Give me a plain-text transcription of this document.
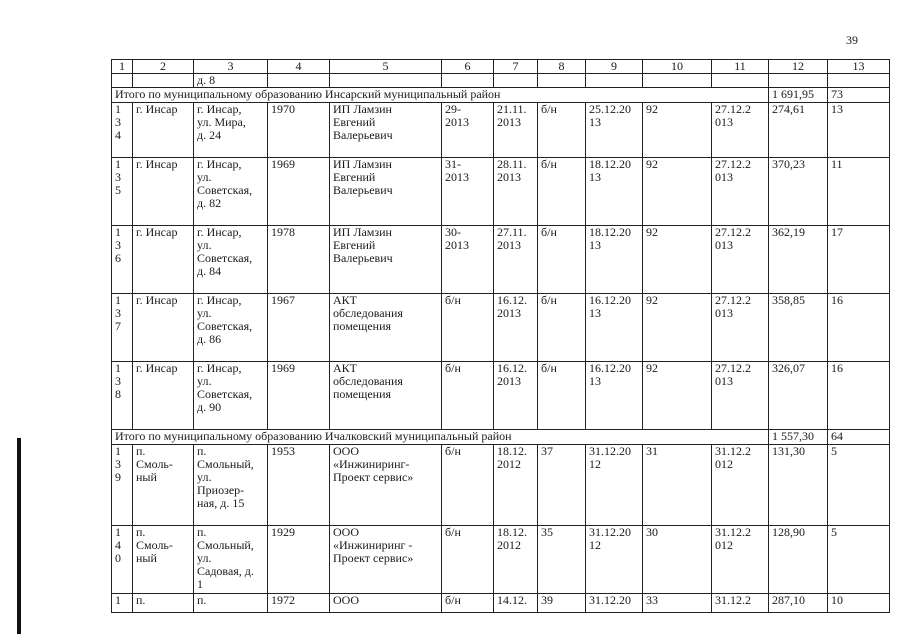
39
1	2	3	4	5	6	7	8	9	10	11	12	13
		д. 8										
Итого по муниципальному образованию Инсарский муниципальный район											1 691,95	73
1
3
4	г. Инсар	г. Инсар,
ул. Мира,
д. 24	1970	ИП Ламзин
Евгений
Валерьевич	29-
2013	21.11.
2013	б/н	25.12.20
13	92	27.12.2
013	274,61	13
1
3
5	г. Инсар	г. Инсар,
ул.
Советская,
д. 82	1969	ИП Ламзин
Евгений
Валерьевич	31-
2013	28.11.
2013	б/н	18.12.20
13	92	27.12.2
013	370,23	11
1
3
6	г. Инсар	г. Инсар,
ул.
Советская,
д. 84	1978	ИП Ламзин
Евгений
Валерьевич	30-
2013	27.11.
2013	б/н	18.12.20
13	92	27.12.2
013	362,19	17
1
3
7	г. Инсар	г. Инсар,
ул.
Советская,
д. 86	1967	АКТ
обследования
помещения	б/н	16.12.
2013	б/н	16.12.20
13	92	27.12.2
013	358,85	16
1
3
8	г. Инсар	г. Инсар,
ул.
Советская,
д. 90	1969	АКТ
обследования
помещения	б/н	16.12.
2013	б/н	16.12.20
13	92	27.12.2
013	326,07	16
Итого по муниципальному образованию Ичалковский муниципальный район											1 557,30	64
1
3
9	п.
Смоль-
ный	п.
Смольный,
ул.
Приозер-
ная, д. 15	1953	ООО
«Инжиниринг-
Проект сервис»	б/н	18.12.
2012	37	31.12.20
12	31	31.12.2
012	131,30	5
1
4
0	п.
Смоль-
ный	п.
Смольный,
ул.
Садовая, д.
1	1929	ООО
«Инжиниринг -
Проект сервис»	б/н	18.12.
2012	35	31.12.20
12	30	31.12.2
012	128,90	5
1	п.	п.	1972	ООО	б/н	14.12.	39	31.12.20	33	31.12.2	287,10	10
